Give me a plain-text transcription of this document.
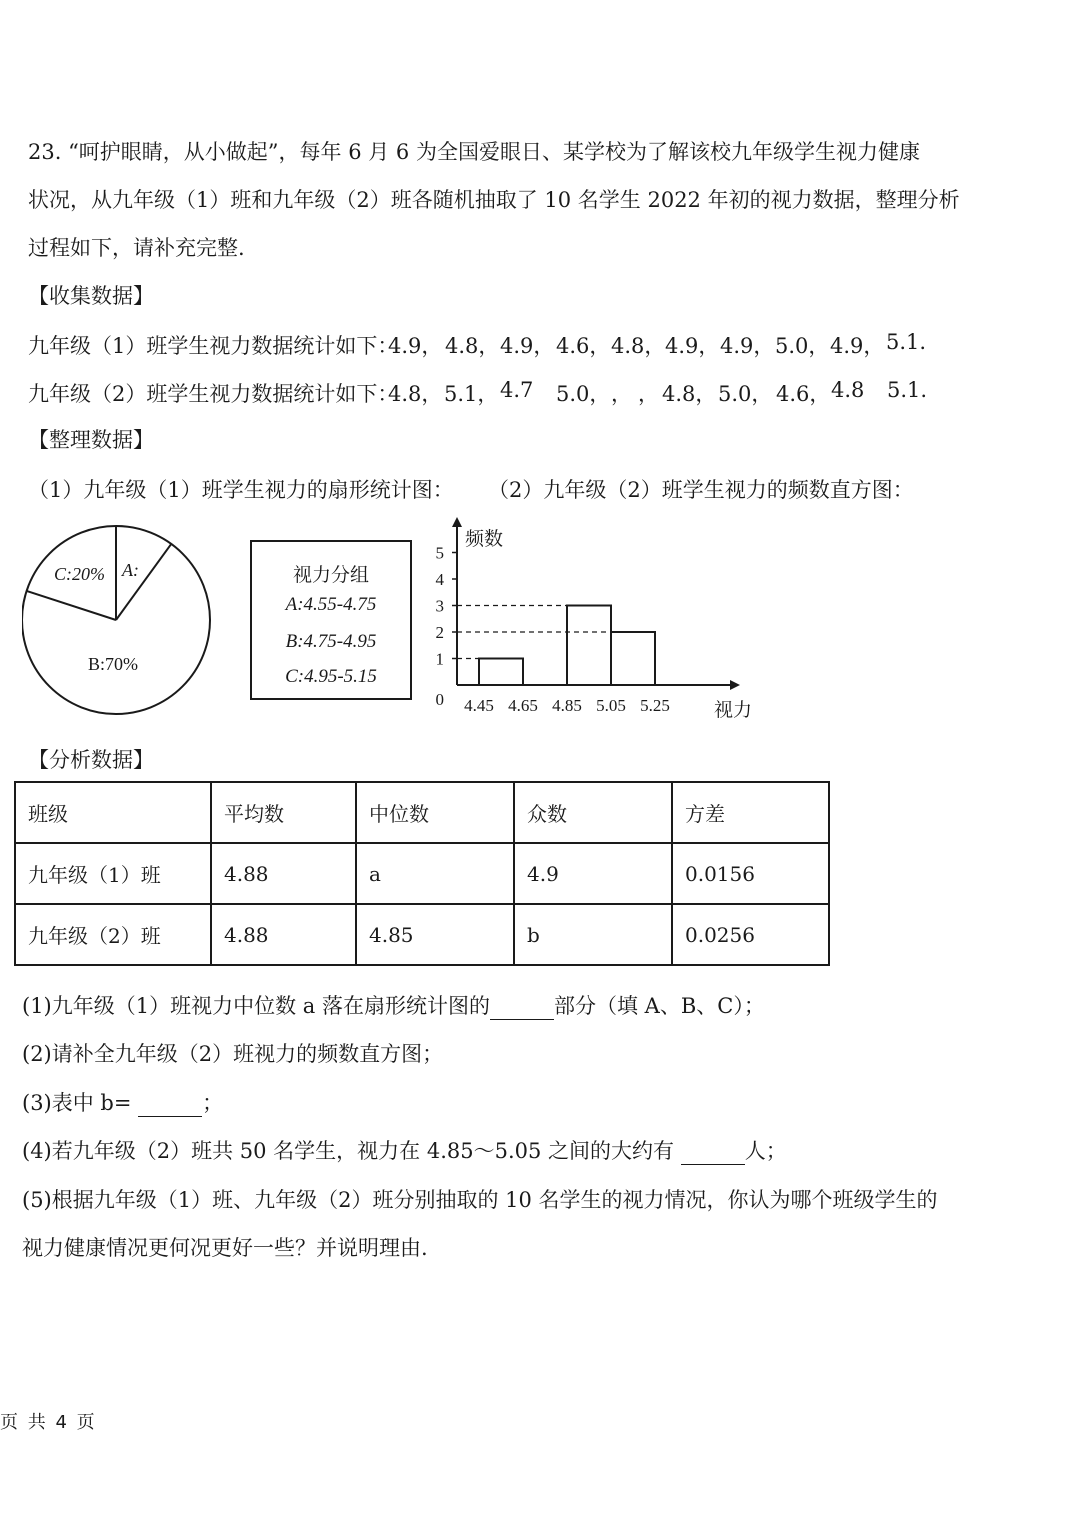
23. “呵护眼睛，从小做起”，每年 6 月 6 为全国爱眼日、某学校为了解该校九年级学生视力健康
状况，从九年级（1）班和九年级（2）班各随机抽取了 10 名学生 2022 年初的视力数据，整理分析
过程如下，请补充完整.
【收集数据】
九年级（1）班学生视力数据统计如下：
4.9， 4.8， 4.9， 4.6， 4.8， 4.9， 4.9， 5.0， 4.9， 5.1.
九年级（2）班学生视力数据统计如下：
4.8， 5.1， 4.7 5.0， ， ， 4.8， 5.0， 4.6， 4.8 5.1.
【整理数据】
（1）九年级（1）班学生视力的扇形统计图： （2）九年级（2）班学生视力的频数直方图：
C:20% A:
B:70%
视力分组
A:4.55-4.75
B:4.75-4.95
C:4.95-5.15
频数
视力
0
1
2
3
4
5
4.45 4.65 4.85 5.05 5.25
【分析数据】
班级	平均数	中位数	众数	方差
九年级（1）班	4.88	a	4.9	0.0156
九年级（2）班	4.88	4.85	b	0.0256
(1)九年级（1）班视力中位数 a 落在扇形统计图的	部分（填 A、B、C）；
(2)请补全九年级（2）班视力的频数直方图；
(3)表中 b=	；
(4)若九年级（2）班共 50 名学生，视力在 4.85～5.05 之间的大约有	人；
(5)根据九年级（1）班、九年级（2）班分别抽取的 10 名学生的视力情况，你认为哪个班级学生的
视力健康情况更何况更好一些？并说明理由.
页 共 4 页
